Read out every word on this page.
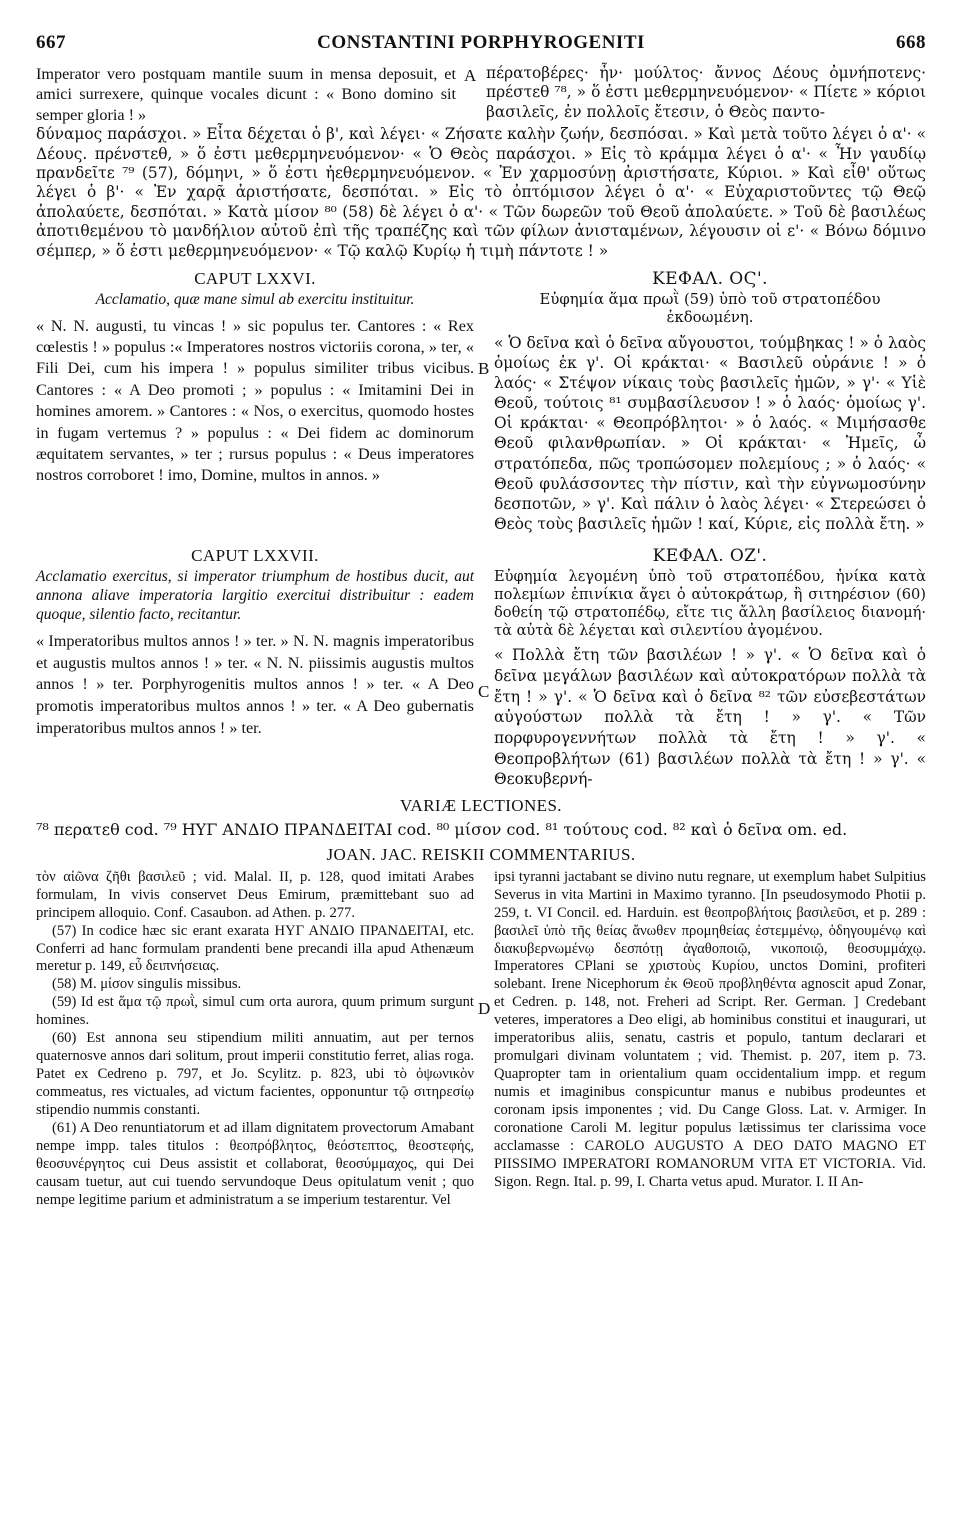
667	CONSTANTINI PORPHYROGENITI	668

Imperator vero postquam mantile suum in mensa deposuit, et amici surrexere, quinque vocales dicunt : « Bono domino sit semper gloria ! »

A πέρατοβέρες· ἦν· μούλτος· ἄννος Δέους ὀμνήποτενς· πρέστεθ ⁷⁸, » ὅ ἐστι μεθερμηνευόμενον· « Πίετε » κόριοι βασιλεῖς, ἐν πολλοῖς ἔτεσιν, ὁ Θεὸς παντο-

δύναμος παράσχοι. » Εἶτα δέχεται ὁ β', καὶ λέγει· « Ζήσατε καλὴν ζωήν, δεσπόσαι. » Καὶ μετὰ τοῦτο λέγει ὁ α'· « Δέους. πρένστεθ, » ὅ ἐστι μεθερμηνευόμενον· « Ὁ Θεὸς παράσχοι. » Εἰς τὸ κράμμα λέγει ὁ α'· « Ἦν γαυδίῳ πρανδεῖτε ⁷⁹ (57), δόμηνι, » ὅ ἐστι ἠεθερμηνευόμενον. « Ἐν χαρμοσύνῃ ἀριστήσατε, Κύριοι. » Καὶ εἶθ' οὕτως λέγει ὁ β'· « Ἐν χαρᾷ ἀριστήσατε, δεσπόται. » Εἰς τὸ ὀπτόμισον λέγει ὁ α'· « Εὐχαριστοῦντες τῷ Θεῷ ἀπολαύετε, δεσπόται. » Κατὰ μίσον ⁸⁰ (58) δὲ λέγει ὁ α'· « Τῶν δωρεῶν τοῦ Θεοῦ ἀπολαύετε. » Τοῦ δὲ βασιλέως ἀποτιθεμένου τὸ μανδήλιον αὐτοῦ ἐπὶ τῆς τραπέζης καὶ τῶν φίλων ἀνισταμένων, λέγουσιν οἱ ε'· « Βόνω δόμινο σέμπερ, » ὅ ἐστι μεθερμηνευόμενον· « Τῷ καλῷ Κυρίῳ ἡ τιμὴ πάντοτε ! »

CAPUT LXXVI.
Acclamatio, quæ mane simul ab exercitu instituitur.

« N. N. augusti, tu vincas ! » sic populus ter. Cantores : « Rex cœlestis ! » populus :« Imperatores nostros victoriis corona, » ter, « Fili Dei, cum his impera ! » populus similiter tribus vicibus. Cantores : « A Deo promoti ; » populus : « Imitamini Dei in homines amorem. » Cantores : « Nos, o exercitus, quomodo hostes in fugam vertemus ? » populus : « Dei fidem ac dominorum æquitatem servantes, » ter ; rursus populus : « Deus imperatores nostros corroboret ! imo, Domine, multos in annos. »

B
ΚΕΦΑΛ. ΟϚ'.
Εὐφημία ἅμα πρωῒ (59) ὑπὸ τοῦ στρατοπέδου ἐκδοωμένη.

« Ὁ δεῖνα καὶ ὁ δεῖνα αὔγουστοι, τούμβηκας ! » ὁ λαὸς ὁμοίως ἐκ γ'. Οἱ κράκται· « Βασιλεῦ οὐράνιε ! » ὁ λαός· « Στέψον νίκαις τοὺς βασιλεῖς ἡμῶν, » γ'· « Υἱὲ Θεοῦ, τούτοις ⁸¹ συμβασίλευσον ! » ὁ λαός· ὁμοίως γ'. Οἱ κράκται· « Θεοπρόβλητοι· » ὁ λαός. « Μιμήσασθε Θεοῦ φιλανθρωπίαν. » Οἱ κράκται· « Ἡμεῖς, ὦ στρατόπεδα, πῶς τροπώσομεν πολεμίους ; » ὁ λαός· « Θεοῦ φυλάσσοντες τὴν πίστιν, καὶ τὴν εὐγνωμοσύνην δεσποτῶν, » γ'. Καὶ πάλιν ὁ λαὸς λέγει· « Στερεώσει ὁ Θεὸς τοὺς βασιλεῖς ἡμῶν ! καί, Κύριε, εἰς πολλὰ ἔτη. »

CAPUT LXXVII.
Acclamatio exercitus, si imperator triumphum de hostibus ducit, aut annona aliave imperatoria largitio exercitui distribuitur : eadem quoque, silentio facto, recitantur.

« Imperatoribus multos annos ! » ter. » N. N. magnis imperatoribus et augustis multos annos ! » ter. « N. N. piissimis augustis multos annos ! » ter. Porphyrogenitis multos annos ! » ter. « A Deo promotis imperatoribus multos annos ! » ter. « A Deo gubernatis imperatoribus multos annos ! » ter.

C
ΚΕΦΑΛ. ΟΖ'.
Εὐφημία λεγομένη ὑπὸ τοῦ στρατοπέδου, ἡνίκα κατὰ πολεμίων ἐπινίκια ἄγει ὁ αὐτοκράτωρ, ἢ σιτηρέσιον (60) δοθείη τῷ στρατοπέδῳ, εἴτε τις ἄλλη βασίλειος διανομή· τὰ αὐτὰ δὲ λέγεται καὶ σιλεντίου ἀγομένου.

« Πολλὰ ἔτη τῶν βασιλέων ! » γ'. « Ὁ δεῖνα καὶ ὁ δεῖνα μεγάλων βασιλέων καὶ αὐτοκρατόρων πολλὰ τὰ ἔτη ! » γ'. « Ὁ δεῖνα καὶ ὁ δεῖνα ⁸² τῶν εὐσεβεστάτων αὐγούστων πολλὰ τὰ ἔτη ! » γ'. « Τῶν πορφυρογεννήτων πολλὰ τὰ ἔτη ! » γ'. « Θεοπροβλήτων (61) βασιλέων πολλὰ τὰ ἔτη ! » γ'. « Θεοκυβερνή-

VARIÆ LECTIONES.

⁷⁸ περατεθ cod. ⁷⁹ ΗΥΓ ΑΝΔΙΟ ΠΡΑΝΔΕΙΤΑΙ cod. ⁸⁰ μίσον cod. ⁸¹ τούτους cod. ⁸² καὶ ὁ δεῖνα om. ed.

JOAN. JAC. REISKII COMMENTARIUS.

τὸν αἰῶνα ζῆθι βασιλεῦ ; vid. Malal. II, p. 128, quod imitati Arabes formulam, In vivis conservet Deus Emirum, præmittebant suo ad principem alloquio. Conf. Casaubon. ad Athen. p. 277.

(57) In codice hæc sic erant exarata ΗΥΓ ΑΝΔΙΟ ΠΡΑΝΔΕΙΤΑΙ, etc. Conferri ad hanc formulam prandenti bene precandi illa apud Athenæum meretur p. 149, εὖ δειπνήσειας.

(58) M. μίσον singulis missibus.

(59) Id est ἅμα τῷ πρωῒ, simul cum orta aurora, quum primum surgunt homines.

(60) Est annona seu stipendium militi annuatim, aut per ternos quaternosve annos dari solitum, prout imperii constitutio ferret, alias roga. Patet ex Cedreno p. 797, et Jo. Scylitz. p. 823, ubi τὸ ὀψωνικὸν commeatus, res victuales, ad victum facientes, opponuntur τῷ σιτηρεσίῳ stipendio nummis constanti.

(61) A Deo renuntiatorum et ad illam dignitatem provectorum Amabant nempe impp. tales titulos : θεοπρόβλητος, θεόστεπτος, θεοστεφής, θεοσυνέργητος cui Deus assistit et collaborat, θεοσύμμαχος, qui Dei causam tuetur, aut cui tuendo servundoque Deus opitulatum venit ; quo nempe legitime parium et administratum a se imperium testarentur. Vel

D

ipsi tyranni jactabant se divino nutu regnare, ut exemplum habet Sulpitius Severus in vita Martini in Maximo tyranno. [In pseudosymodo Photii p. 259, t. VI Concil. ed. Harduin. est θεοπροβλήτοις βασιλεῦσι, et p. 289 : βασιλεῖ ὑπὸ τῆς θείας ἄνωθεν προμηθείας ἐστεμμένῳ, ὁδηγουμένῳ καὶ διακυβερνωμένῳ δεσπότῃ ἀγαθοποιῷ, νικοποιῷ, θεοσυμμάχῳ. Imperatores CPlani se χριστοὺς Κυρίου, unctos Domini, profiteri solebant. Irene Nicephorum ἐκ Θεοῦ προβληθέντα agnoscit apud Zonar, et Cedren. p. 148, not. Freheri ad Script. Rer. German. ] Credebant veteres, imperatores a Deo eligi, ab hominibus constitui et inaugurari, ut imperatoribus aliis, senatu, castris et populo, tantum declarari et promulgari divinam voluntatem ; vid. Themist. p. 207, item p. 73. Quapropter tam in orientalium quam occidentalium impp. et regum numis et imaginibus conspicuntur manus e nubibus prodeuntes et coronam ipsis imponentes ; vid. Du Cange Gloss. Lat. v. Armiger. In coronatione Caroli M. legitur populus lætissimus ter clarissima voce acclamasse : CAROLO AUGUSTO A DEO DATO MAGNO ET PIISSIMO IMPERATORI ROMANORUM VITA ET VICTORIA. Vid. Sigon. Regn. Ital. p. 99, I. Charta vetus apud. Murator. I. II An-
